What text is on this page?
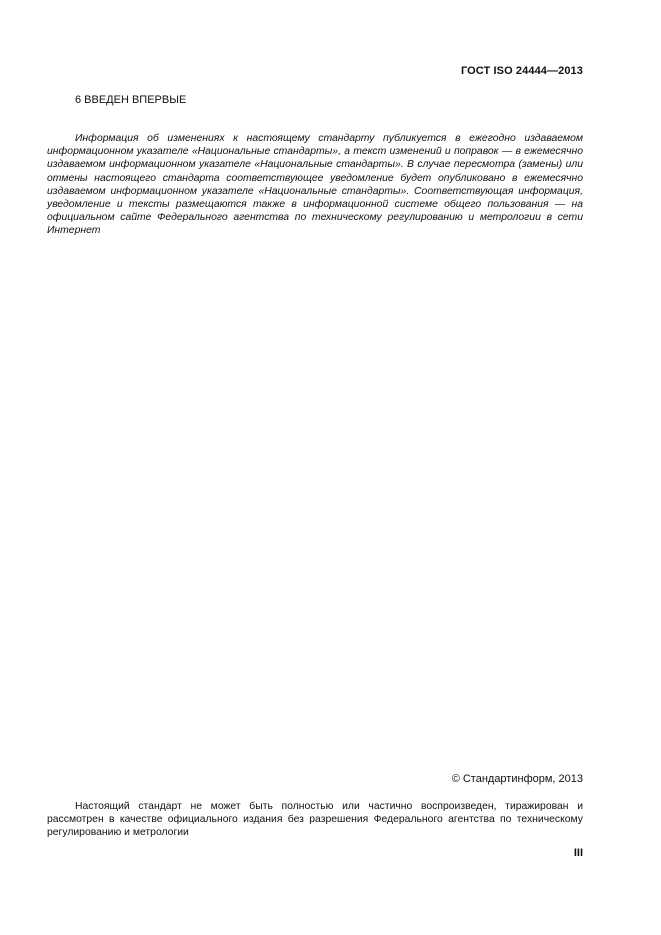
ГОСТ ISO 24444—2013
6 ВВЕДЕН ВПЕРВЫЕ

Информация об изменениях к настоящему стандарту публикуется в ежегодно издаваемом информационном указателе «Национальные стандарты», а текст изменений и поправок — в ежемесячно издаваемом информационном указателе «Национальные стандарты». В случае пересмотра (замены) или отмены настоящего стандарта соответствующее уведомление будет опубликовано в ежемесячно издаваемом информационном указателе «Национальные стандарты». Соответствующая информация, уведомление и тексты размещаются также в информационной системе общего пользования — на официальном сайте Федерального агентства по техническому регулированию и метрологии в сети Интернет

© Стандартинформ, 2013

Настоящий стандарт не может быть полностью или частично воспроизведен, тиражирован и рассмотрен в качестве официального издания без разрешения Федерального агентства по техническому регулированию и метрологии

III
